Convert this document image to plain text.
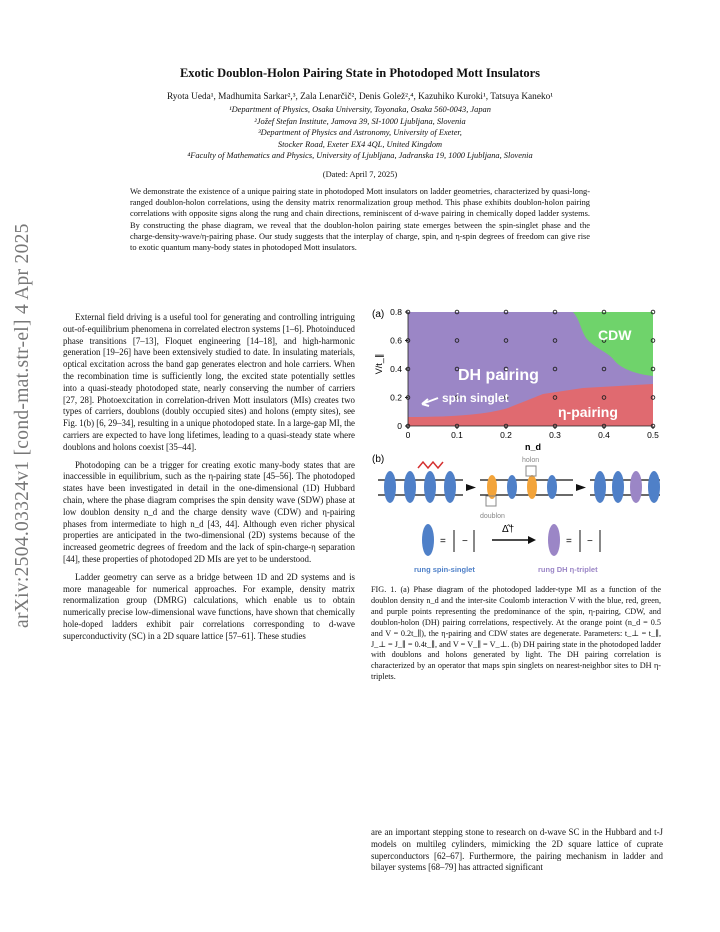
arXiv:2504.03324v1 [cond-mat.str-el] 4 Apr 2025
Exotic Doublon-Holon Pairing State in Photodoped Mott Insulators
Ryota Ueda¹, Madhumita Sarkar²,³, Zala Lenarčič², Denis Golež²,⁴, Kazuhiko Kuroki¹, Tatsuya Kaneko¹
¹Department of Physics, Osaka University, Toyonaka, Osaka 560-0043, Japan
²Jožef Stefan Institute, Jamova 39, SI-1000 Ljubljana, Slovenia
³Department of Physics and Astronomy, University of Exeter,
Stocker Road, Exeter EX4 4QL, United Kingdom
⁴Faculty of Mathematics and Physics, University of Ljubljana, Jadranska 19, 1000 Ljubljana, Slovenia
(Dated: April 7, 2025)
We demonstrate the existence of a unique pairing state in photodoped Mott insulators on ladder geometries, characterized by quasi-long-ranged doublon-holon correlations, using the density matrix renormalization group method. This phase exhibits doublon-holon pairing correlations with opposite signs along the rung and chain directions, reminiscent of d-wave pairing in chemically doped ladder systems. By constructing the phase diagram, we reveal that the doublon-holon pairing state emerges between the spin-singlet phase and the charge-density-wave/η-pairing phase. Our study suggests that the interplay of charge, spin, and η-spin degrees of freedom can give rise to exotic quantum many-body states in photodoped Mott insulators.

External field driving is a useful tool for generating and controlling intriguing out-of-equilibrium phenomena in correlated electron systems [1–6]. Photoinduced phase transitions [7–13], Floquet engineering [14–18], and high-harmonic generation [19–26] have been extensively studied to date. In insulating materials, optical excitation across the band gap generates electron and hole carriers. When the recombination time is sufficiently long, the excited state potentially settles into a quasi-steady photodoped state, nearly conserving the number of carriers [27, 28]. Photoexcitation in correlation-driven Mott insulators (MIs) creates two types of carriers, doublons (doubly occupied sites) and holons (empty sites), see Fig. 1(b) [6, 29–34], resulting in a unique photodoped state. In a large-gap MI, the carriers are expected to have long lifetimes, leading to a quasi-steady state where doublons and holons coexist [35–44].

Photodoping can be a trigger for creating exotic many-body states that are inaccessible in equilibrium, such as the η-pairing state [45–56]. The photodoped states have been investigated in detail in the one-dimensional (1D) Hubbard chain, where the phase diagram comprises the spin density wave (SDW) phase at low doublon density n_d and the charge density wave (CDW) and η-pairing phases from intermediate to high n_d [43, 44]. Although even richer physical properties are anticipated in the two-dimensional (2D) systems because of the increased geometric degrees of freedom and the lack of spin-charge-η separation [44], these properties of photodoped 2D MIs are yet to be understood.

Ladder geometry can serve as a bridge between 1D and 2D systems and is more manageable for numerical approaches. For example, density matrix renormalization group (DMRG) calculations, which enable us to obtain numerically precise low-dimensional wave functions, have shown that chemically hole-doped ladders exhibit pair correlations corresponding to d-wave superconductivity (SC) in a 2D square lattice [57–61]. These studies

(a)
0	0.1	0.2	0.3	0.4	0.5
0
0.2
0.4
0.6
0.8
V/t_∥
n_d
DH pairing
CDW
spin singlet
η-pairing
(b)
doublon
holon
= −
Δ̂†
= −
rung spin-singlet	rung DH η-triplet
FIG. 1. (a) Phase diagram of the photodoped ladder-type MI as a function of the doublon density n_d and the inter-site Coulomb interaction V with the blue, red, green, and purple points representing the predominance of the spin, η-pairing, CDW, and doublon-holon (DH) pairing correlations, respectively. At the orange point (n_d = 0.5 and V = 0.2t_∥), the η-pairing and CDW states are degenerate. Parameters: t_⊥ = t_∥, J_⊥ = J_∥ = 0.4t_∥, and V = V_∥ = V_⊥. (b) DH pairing state in the photodoped ladder with doublons and holons generated by light. The DH pairing correlation is characterized by an operator that maps spin singlets on nearest-neighbor sites to DH η-triplets.

are an important stepping stone to research on d-wave SC in the Hubbard and t-J models on multileg cylinders, mimicking the 2D square lattice of cuprate superconductors [62–67]. Furthermore, the pairing mechanism in ladder and bilayer systems [68–79] has attracted significant
